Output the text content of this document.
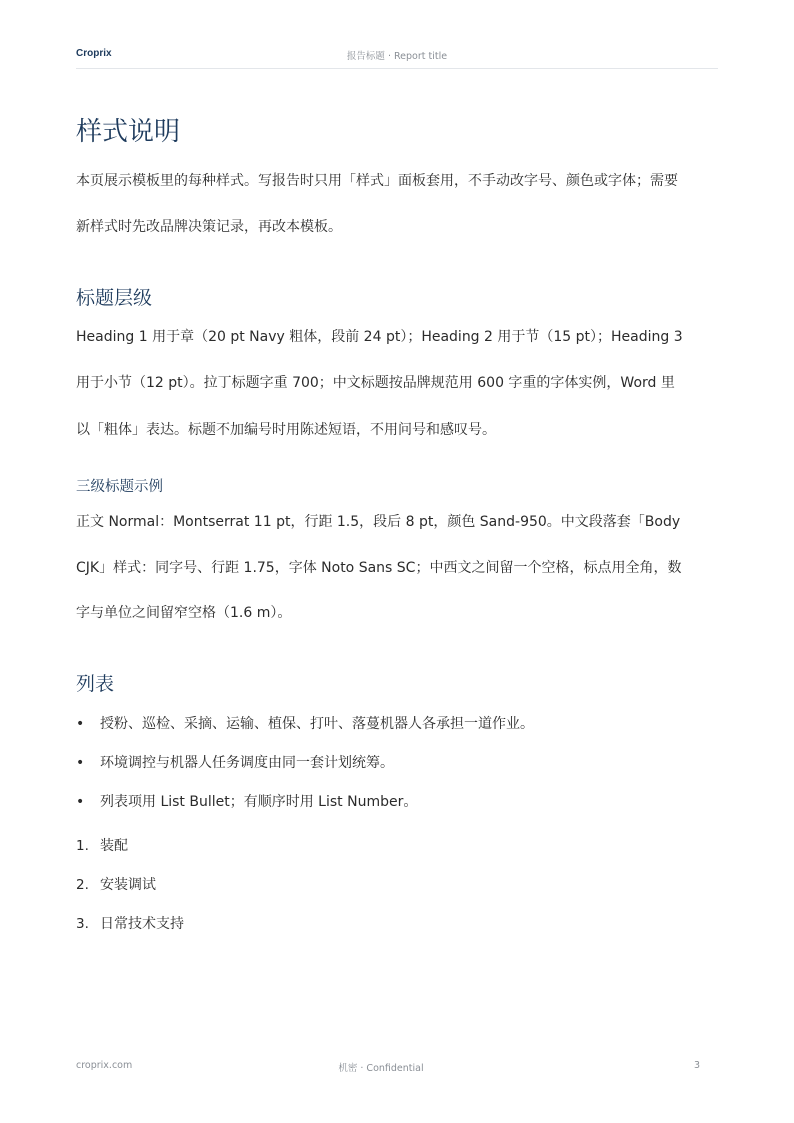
Croprix	报告标题 · Report title
样式说明
本页展示模板里的每种样式。写报告时只用「样式」面板套用，不手动改字号、颜色或字体；需要
新样式时先改品牌决策记录，再改本模板。
标题层级
Heading 1 用于章（20 pt Navy 粗体，段前 24 pt）；Heading 2 用于节（15 pt）；Heading 3
用于小节（12 pt）。拉丁标题字重 700；中文标题按品牌规范用 600 字重的字体实例，Word 里
以「粗体」表达。标题不加编号时用陈述短语，不用问号和感叹号。
三级标题示例
正文 Normal：Montserrat 11 pt，行距 1.5，段后 8 pt，颜色 Sand-950。中文段落套「Body
CJK」样式：同字号、行距 1.75，字体 Noto Sans SC；中西文之间留一个空格，标点用全角，数
字与单位之间留窄空格（1.6 m）。
列表
• 授粉、巡检、采摘、运输、植保、打叶、落蔓机器人各承担一道作业。
• 环境调控与机器人任务调度由同一套计划统筹。
• 列表项用 List Bullet；有顺序时用 List Number。
1. 装配
2. 安装调试
3. 日常技术支持
croprix.com	机密 · Confidential	3
